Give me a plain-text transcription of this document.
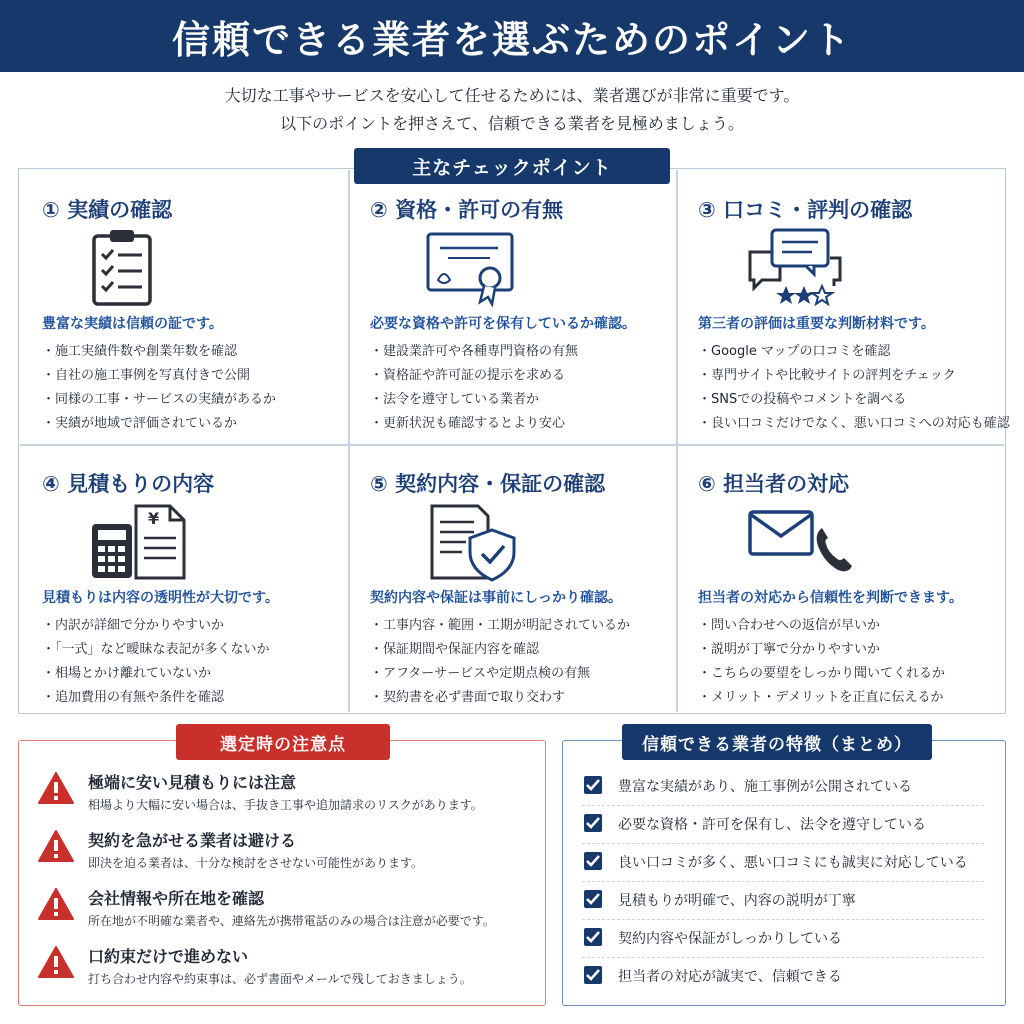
信頼できる業者を選ぶためのポイント
大切な工事やサービスを安心して任せるためには、業者選びが非常に重要です。
以下のポイントを押さえて、信頼できる業者を見極めましょう。
主なチェックポイント
① 実績の確認
豊富な実績は信頼の証です。
・ 施工実績件数や創業年数を確認
・ 自社の施工事例を写真付きで公開
・ 同様の工事・サービスの実績があるか
・ 実績が地域で評価されているか
② 資格・許可の有無
必要な資格や許可を保有しているか確認。
・ 建設業許可や各種専門資格の有無
・ 資格証や許可証の提示を求める
・ 法令を遵守している業者か
・ 更新状況も確認するとより安心
③ 口コミ・評判の確認
第三者の評価は重要な判断材料です。
・ Google マップの口コミを確認
・ 専門サイトや比較サイトの評判をチェック
・ SNSでの投稿やコメントを調べる
・ 良い口コミだけでなく、悪い口コミへの対応も確認
④ 見積もりの内容
¥
見積もりは内容の透明性が大切です。
・ 内訳が詳細で分かりやすいか
・ 「一式」など曖昧な表記が多くないか
・ 相場とかけ離れていないか
・ 追加費用の有無や条件を確認
⑤ 契約内容・保証の確認
契約内容や保証は事前にしっかり確認。
・ 工事内容・範囲・工期が明記されているか
・ 保証期間や保証内容を確認
・ アフターサービスや定期点検の有無
・ 契約書を必ず書面で取り交わす
⑥ 担当者の対応
担当者の対応から信頼性を判断できます。
・ 問い合わせへの返信が早いか
・ 説明が丁寧で分かりやすいか
・ こちらの要望をしっかり聞いてくれるか
・ メリット・デメリットを正直に伝えるか
選定時の注意点
極端に安い見積もりには注意
相場より大幅に安い場合は、手抜き工事や追加請求のリスクがあります。
契約を急がせる業者は避ける
即決を迫る業者は、十分な検討をさせない可能性があります。
会社情報や所在地を確認
所在地が不明確な業者や、連絡先が携帯電話のみの場合は注意が必要です。
口約束だけで進めない
打ち合わせ内容や約束事は、必ず書面やメールで残しておきましょう。
信頼できる業者の特徴（まとめ）
豊富な実績があり、施工事例が公開されている
必要な資格・許可を保有し、法令を遵守している
良い口コミが多く、悪い口コミにも誠実に対応している
見積もりが明確で、内容の説明が丁寧
契約内容や保証がしっかりしている
担当者の対応が誠実で、信頼できる
